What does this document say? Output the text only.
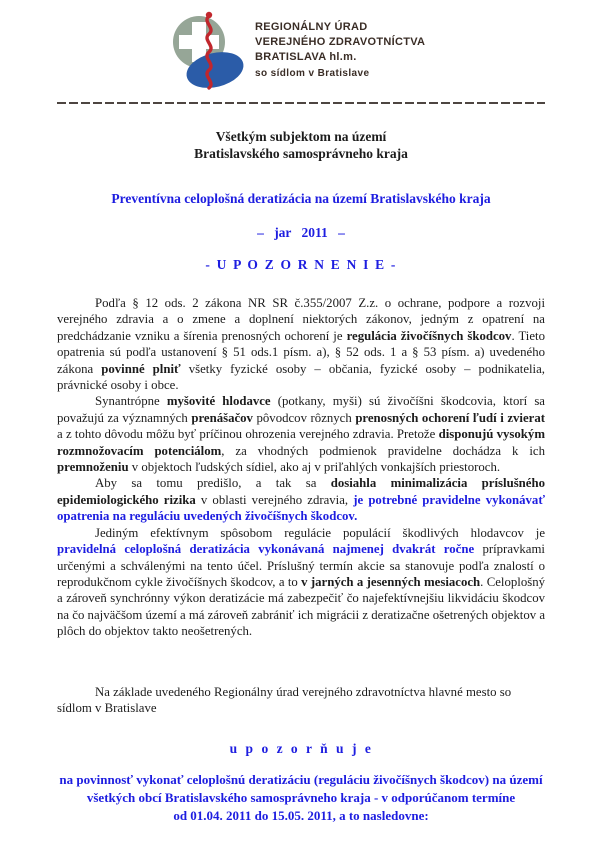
REGIONÁLNY ÚRAD
VEREJNÉHO ZDRAVOTNÍCTVA
BRATISLAVA hl.m.
so sídlom v Bratislave
Všetkým subjektom na území
Bratislavského samosprávneho kraja
Preventívna celoplošná deratizácia na území Bratislavského kraja
– jar 2011 –
- U P O Z O R N E N I E -

Podľa § 12 ods. 2 zákona NR SR č.355/2007 Z.z. o ochrane, podpore a rozvoji verejného zdravia a o zmene a doplnení niektorých zákonov, jedným z opatrení na predchádzanie vzniku a šírenia prenosných ochorení je regulácia živočíšnych škodcov. Tieto opatrenia sú podľa ustanovení § 51 ods.1 písm. a), § 52 ods. 1 a § 53 písm. a) uvedeného zákona povinné plniť všetky fyzické osoby – občania, fyzické osoby – podnikatelia, právnické osoby i obce.

Synantrópne myšovité hlodavce (potkany, myši) sú živočíšni škodcovia, ktorí sa považujú za významných prenášačov pôvodcov rôznych prenosných ochorení ľudí i zvierat a z tohto dôvodu môžu byť príčinou ohrozenia verejného zdravia. Pretože disponujú vysokým rozmnožovacím potenciálom, za vhodných podmienok pravidelne dochádza k ich premnoženiu v objektoch ľudských sídiel, ako aj v priľahlých vonkajších priestoroch.

Aby sa tomu predišlo, a tak sa dosiahla minimalizácia príslušného epidemiologického rizika v oblasti verejného zdravia, je potrebné pravidelne vykonávať opatrenia na reguláciu uvedených živočíšnych škodcov.

Jediným efektívnym spôsobom regulácie populácií škodlivých hlodavcov je pravidelná celoplošná deratizácia vykonávaná najmenej dvakrát ročne prípravkami určenými a schválenými na tento účel. Príslušný termín akcie sa stanovuje podľa znalostí o reprodukčnom cykle živočíšnych škodcov, a to v jarných a jesenných mesiacoch. Celoplošný a zároveň synchrónny výkon deratizácie má zabezpečiť čo najefektívnejšiu likvidáciu škodcov na čo najväčšom území a má zároveň zabrániť ich migrácii z deratizačne ošetrených objektov a plôch do objektov takto neošetrených.

Na základe uvedeného Regionálny úrad verejného zdravotníctva hlavné mesto so sídlom v Bratislave

u p o z o r ň u j e
na povinnosť vykonať celoplošnú deratizáciu (reguláciu živočíšnych škodcov) na území
všetkých obcí Bratislavského samosprávneho kraja - v odporúčanom termíne
od 01.04. 2011 do 15.05. 2011, a to nasledovne:
